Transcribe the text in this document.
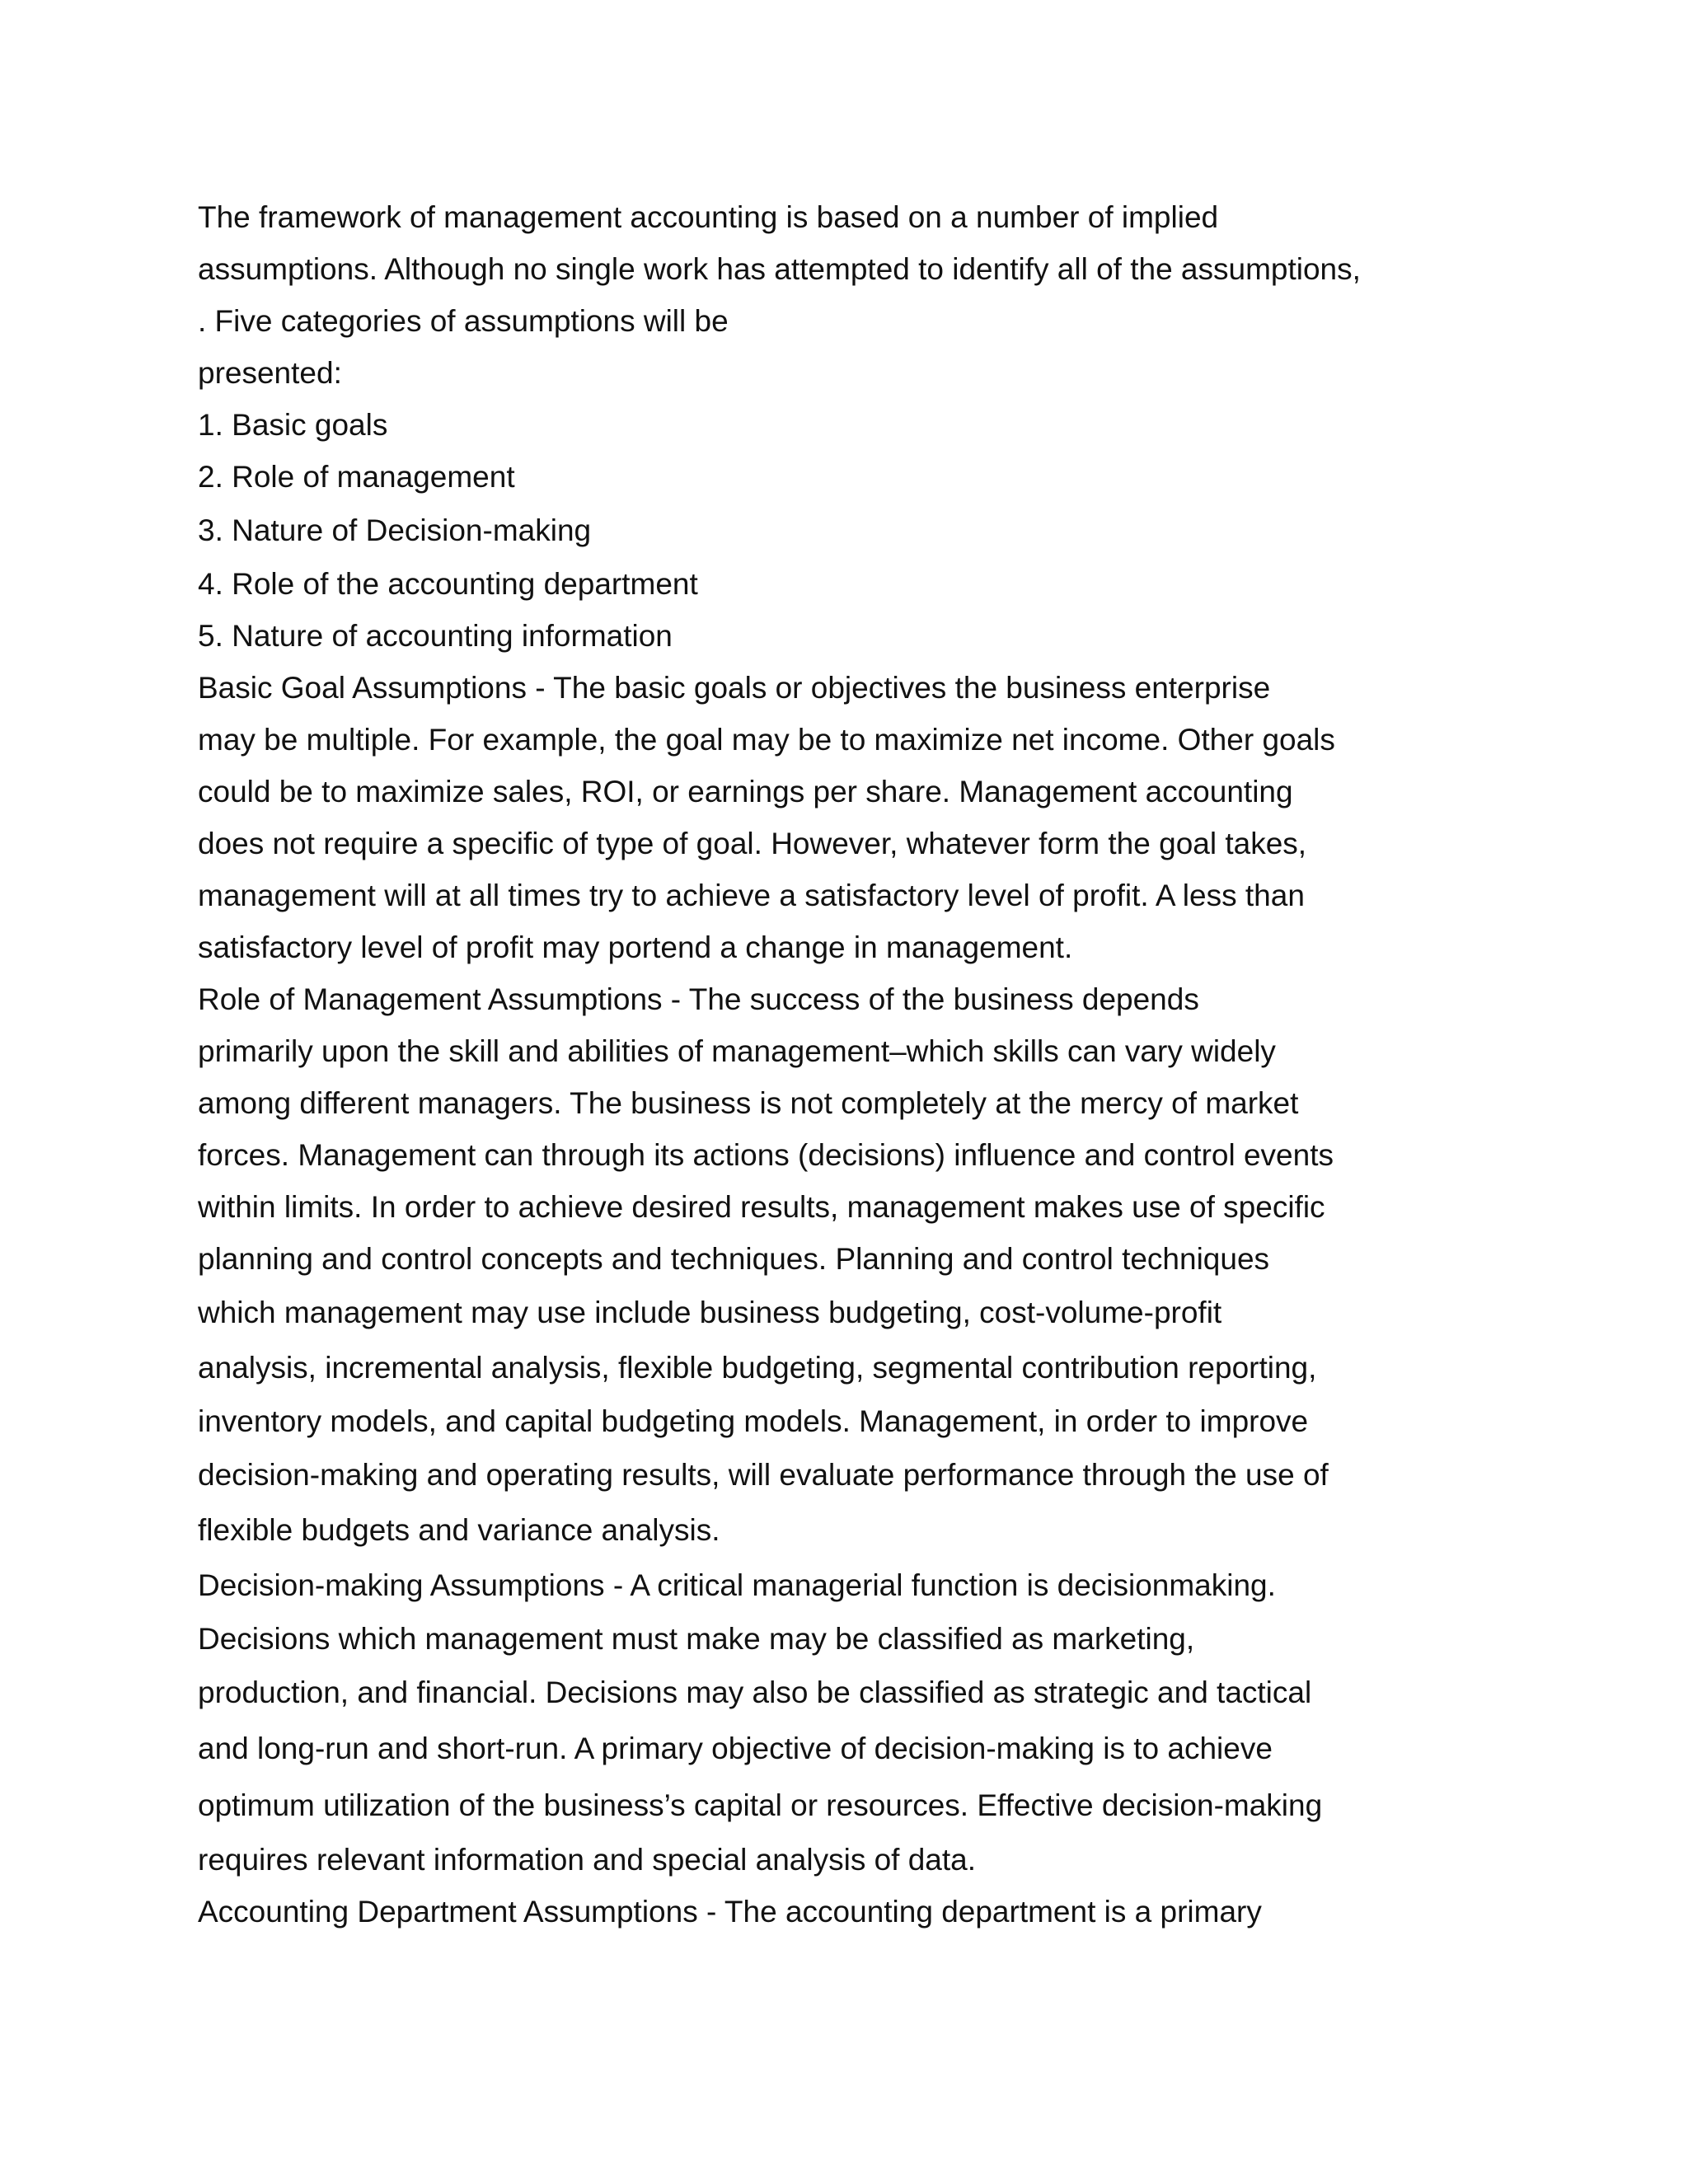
The framework of management accounting is based on a number of implied
assumptions. Although no single work has attempted to identify all of the assumptions,
. Five categories of assumptions will be
presented:
1. Basic goals
2. Role of management
3. Nature of Decision‑making
4. Role of the accounting department
5. Nature of accounting information
Basic Goal Assumptions - The basic goals or objectives the business enterprise
may be multiple. For example, the goal may be to maximize net income. Other goals
could be to maximize sales, ROI, or earnings per share. Management accounting
does not require a specific of type of goal. However, whatever form the goal takes,
management will at all times try to achieve a satisfactory level of profit. A less than
satisfactory level of profit may portend a change in management.
Role of Management Assumptions - The success of the business depends
primarily upon the skill and abilities of management–which skills can vary widely
among different managers. The business is not completely at the mercy of market
forces. Management can through its actions (decisions) influence and control events
within limits. In order to achieve desired results, management makes use of specific
planning and control concepts and techniques. Planning and control techniques
which management may use include business budgeting, cost‑volume‑profit
analysis, incremental analysis, flexible budgeting, segmental contribution reporting,
inventory models, and capital budgeting models. Management, in order to improve
decision‑making and operating results, will evaluate performance through the use of
flexible budgets and variance analysis.
Decision‑making Assumptions ‑ A critical managerial function is decisionmaking.
Decisions which management must make may be classified as marketing,
production, and financial. Decisions may also be classified as strategic and tactical
and long‑run and short‑run. A primary objective of decision‑making is to achieve
optimum utilization of the business’s capital or resources. Effective decision‑making
requires relevant information and special analysis of data.
Accounting Department Assumptions ‑ The accounting department is a primary
